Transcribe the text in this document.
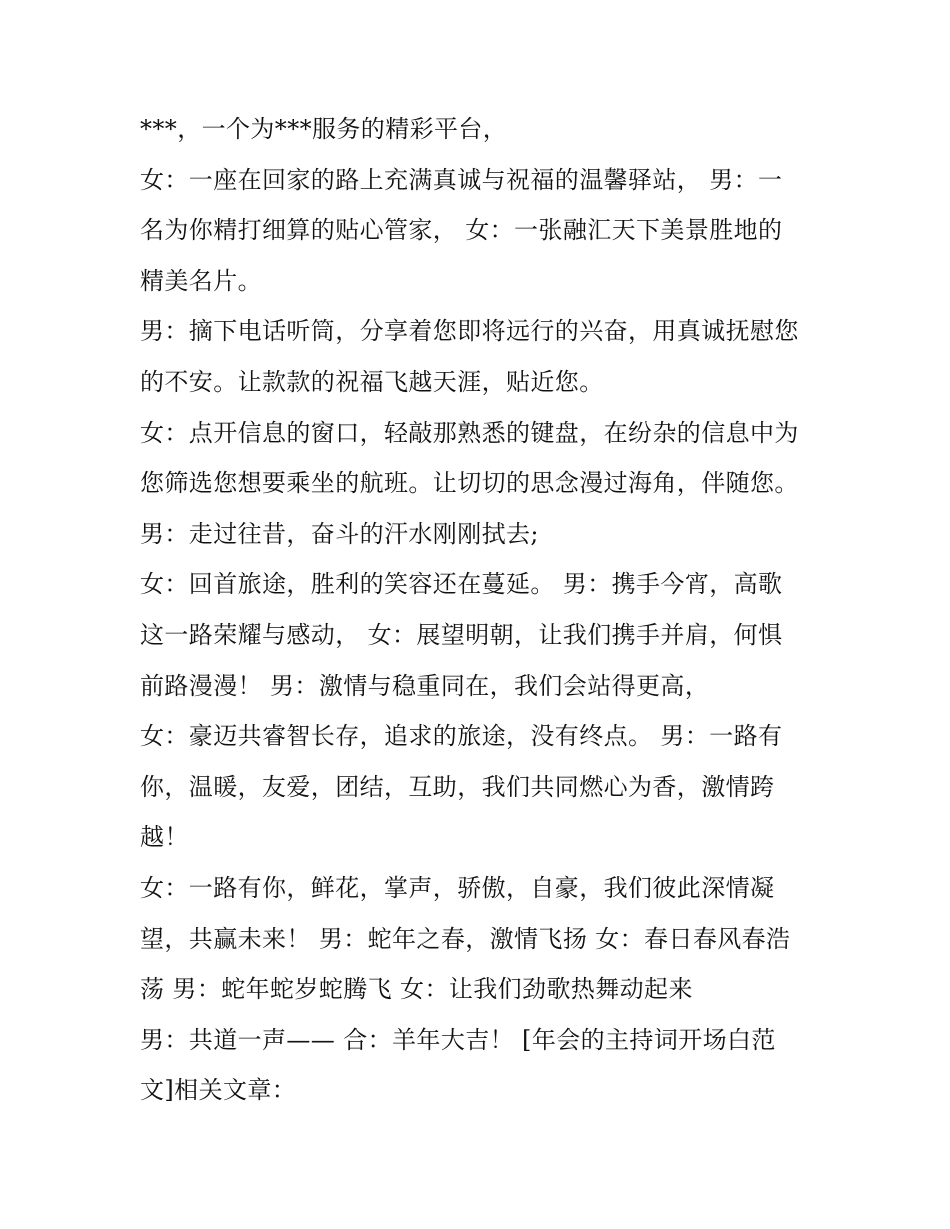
***，一个为***服务的精彩平台，
女：一座在回家的路上充满真诚与祝福的温馨驿站， 男：一
名为你精打细算的贴心管家， 女：一张融汇天下美景胜地的
精美名片。
男：摘下电话听筒，分享着您即将远行的兴奋，用真诚抚慰您
的不安。让款款的祝福飞越天涯，贴近您。
女：点开信息的窗口，轻敲那熟悉的键盘，在纷杂的信息中为
您筛选您想要乘坐的航班。让切切的思念漫过海角，伴随您。
男：走过往昔，奋斗的汗水刚刚拭去;
女：回首旅途，胜利的笑容还在蔓延。 男：携手今宵，高歌
这一路荣耀与感动， 女：展望明朝，让我们携手并肩，何惧
前路漫漫！ 男：激情与稳重同在，我们会站得更高，
女：豪迈共睿智长存，追求的旅途，没有终点。 男：一路有
你，温暖，友爱，团结，互助，我们共同燃心为香，激情跨
越！
女：一路有你，鲜花，掌声，骄傲，自豪，我们彼此深情凝
望，共赢未来！ 男：蛇年之春，激情飞扬 女：春日春风春浩
荡 男：蛇年蛇岁蛇腾飞 女：让我们劲歌热舞动起来
男：共道一声—— 合：羊年大吉！ [年会的主持词开场白范
文]相关文章：
